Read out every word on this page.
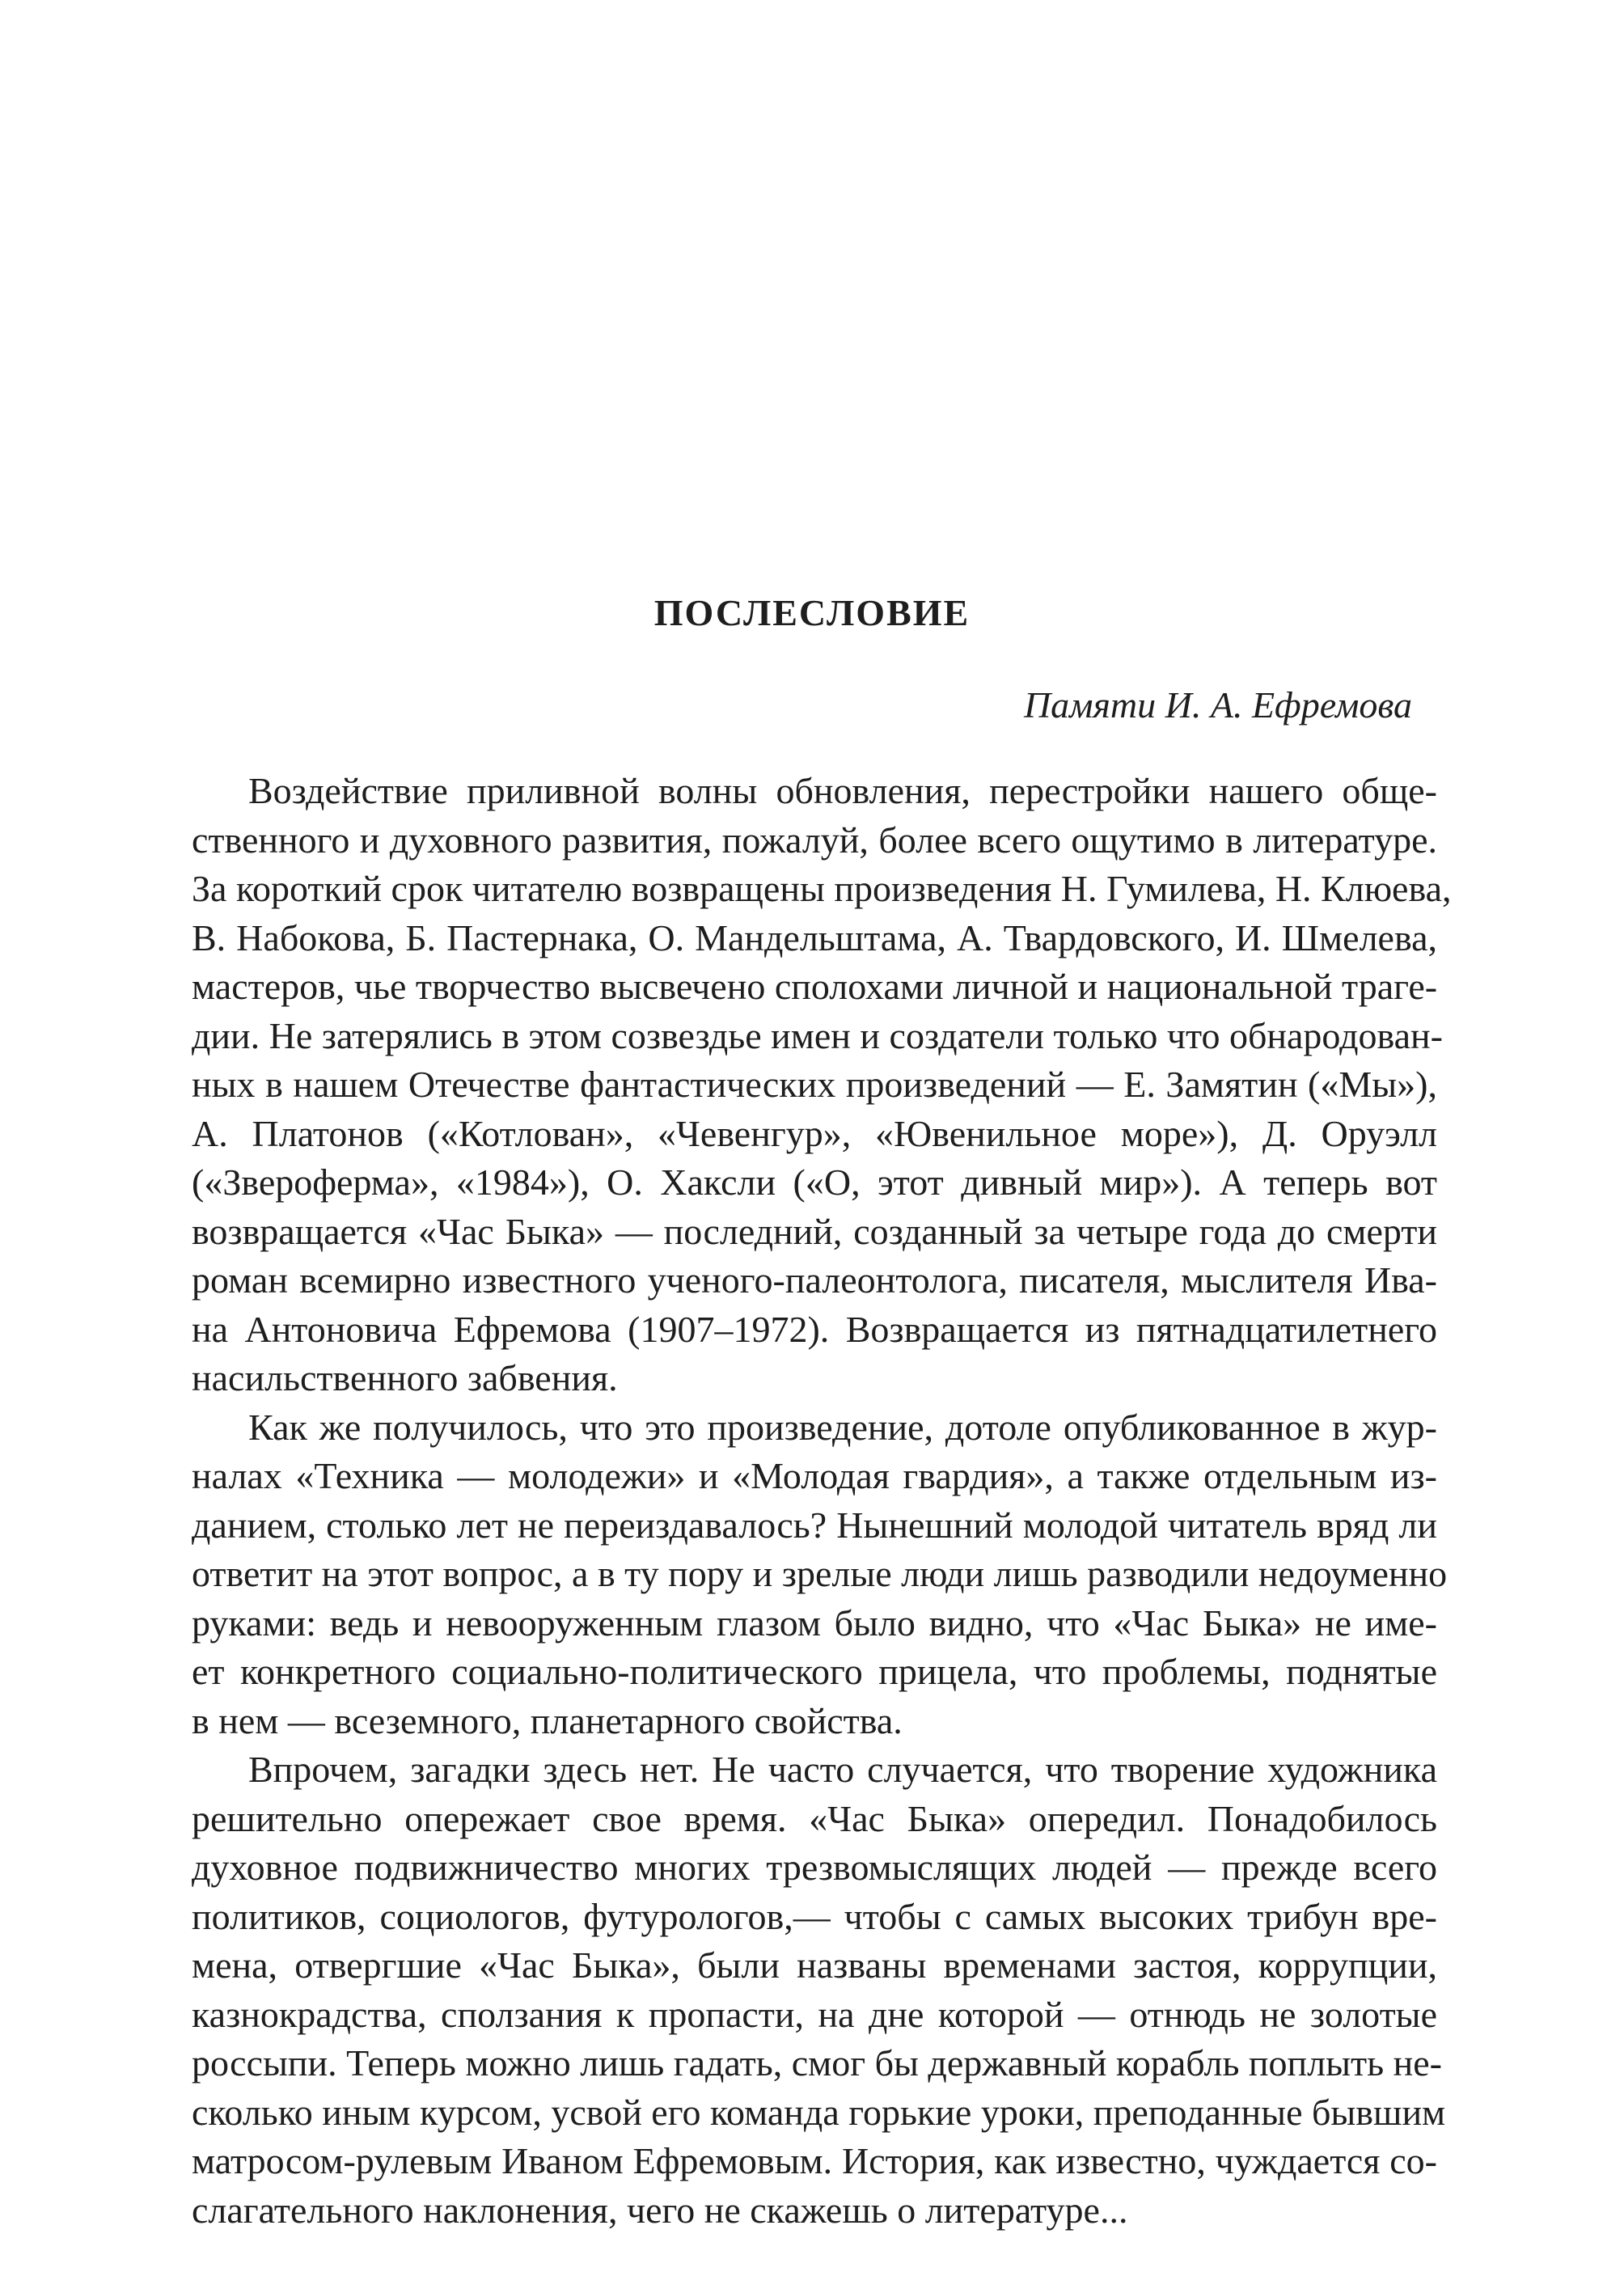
ПОСЛЕСЛОВИЕ

Памяти И. А. Ефремова

Воздействие приливной волны обновления, перестройки нашего обще-
ственного и духовного развития, пожалуй, более всего ощутимо в литературе.
За короткий срок читателю возвращены произведения Н. Гумилева, Н. Клюева,
В. Набокова, Б. Пастернака, О. Мандельштама, А. Твардовского, И. Шмелева,
мастеров, чье творчество высвечено сполохами личной и национальной траге-
дии. Не затерялись в этом созвездье имен и создатели только что обнародован-
ных в нашем Отечестве фантастических произведений — Е. Замятин («Мы»),
А. Платонов («Котлован», «Чевенгур», «Ювенильное море»), Д. Оруэлл
(«Звероферма», «1984»), О. Хаксли («О, этот дивный мир»). А теперь вот
возвращается «Час Быка» — последний, созданный за четыре года до смерти
роман всемирно известного ученого-палеонтолога, писателя, мыслителя Ива-
на Антоновича Ефремова (1907–1972). Возвращается из пятнадцатилетнего
насильственного забвения.

Как же получилось, что это произведение, дотоле опубликованное в жур-
налах «Техника — молодежи» и «Молодая гвардия», а также отдельным из-
данием, столько лет не переиздавалось? Нынешний молодой читатель вряд ли
ответит на этот вопрос, а в ту пору и зрелые люди лишь разводили недоуменно
руками: ведь и невооруженным глазом было видно, что «Час Быка» не име-
ет конкретного социально-политического прицела, что проблемы, поднятые
в нем — всеземного, планетарного свойства.

Впрочем, загадки здесь нет. Не часто случается, что творение художника
решительно опережает свое время. «Час Быка» опередил. Понадобилось
духовное подвижничество многих трезвомыслящих людей — прежде всего
политиков, социологов, футурологов,— чтобы с самых высоких трибун вре-
мена, отвергшие «Час Быка», были названы временами застоя, коррупции,
казнокрадства, сползания к пропасти, на дне которой — отнюдь не золотые
россыпи. Теперь можно лишь гадать, смог бы державный корабль поплыть не-
сколько иным курсом, усвой его команда горькие уроки, преподанные бывшим
матросом-рулевым Иваном Ефремовым. История, как известно, чуждается со-
слагательного наклонения, чего не скажешь о литературе...
